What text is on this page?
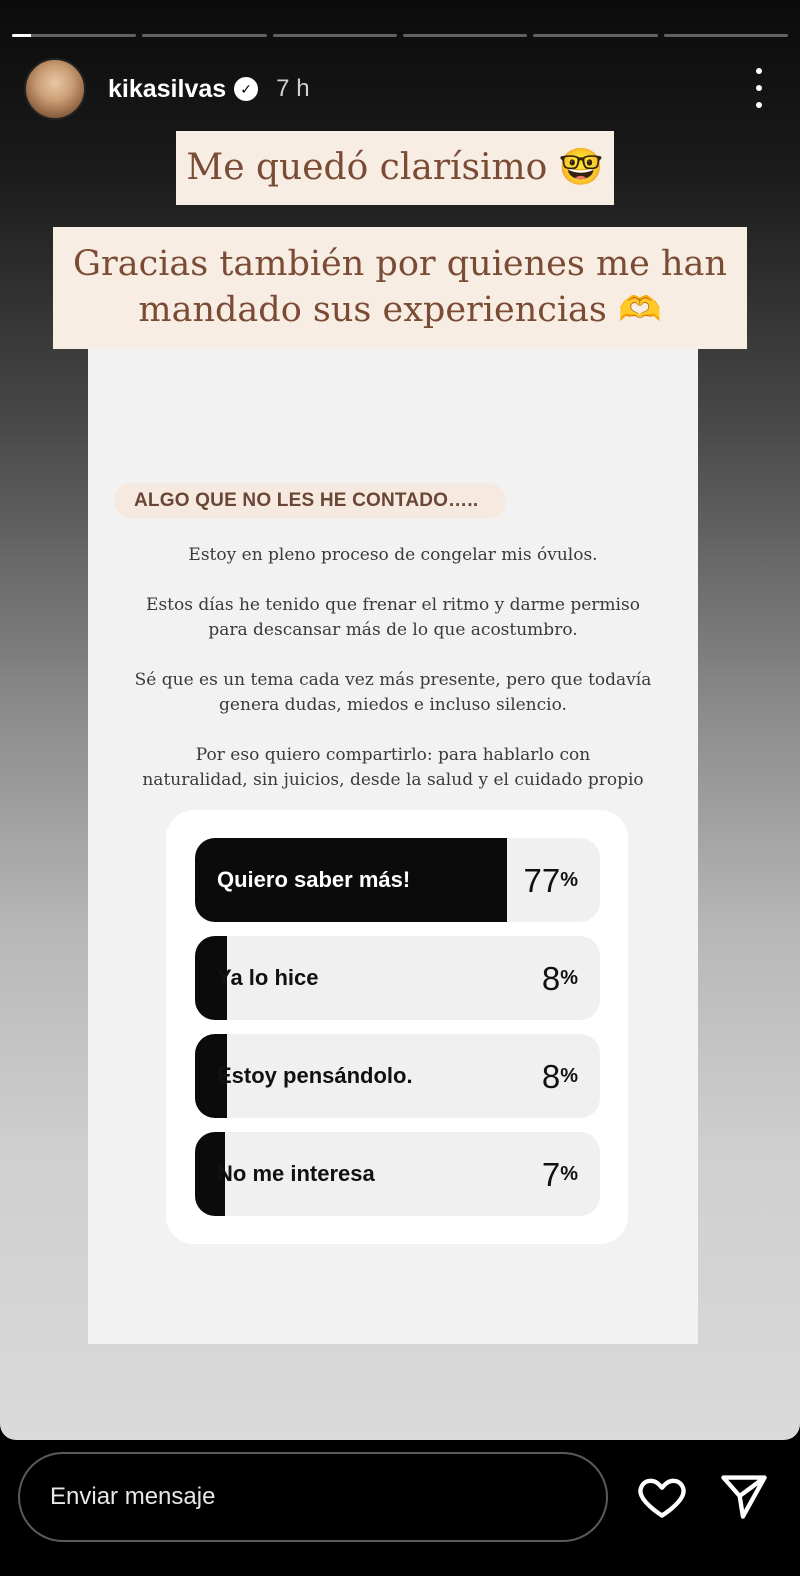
kikasilvas	✓ 7 h
Me quedó clarísimo 🤓
Gracias también por quienes me han
mandado sus experiencias 🫶
ALGO QUE NO LES HE CONTADO…..

Estoy en pleno proceso de congelar mis óvulos.

Estos días he tenido que frenar el ritmo y darme permiso
para descansar más de lo que acostumbro.

Sé que es un tema cada vez más presente, pero que todavía
genera dudas, miedos e incluso silencio.

Por eso quiero compartirlo: para hablarlo con
naturalidad, sin juicios, desde la salud y el cuidado propio

Quiero saber más!	77%
Ya lo hice	8%
Estoy pensándolo.	8%
No me interesa	7%
Enviar mensaje
